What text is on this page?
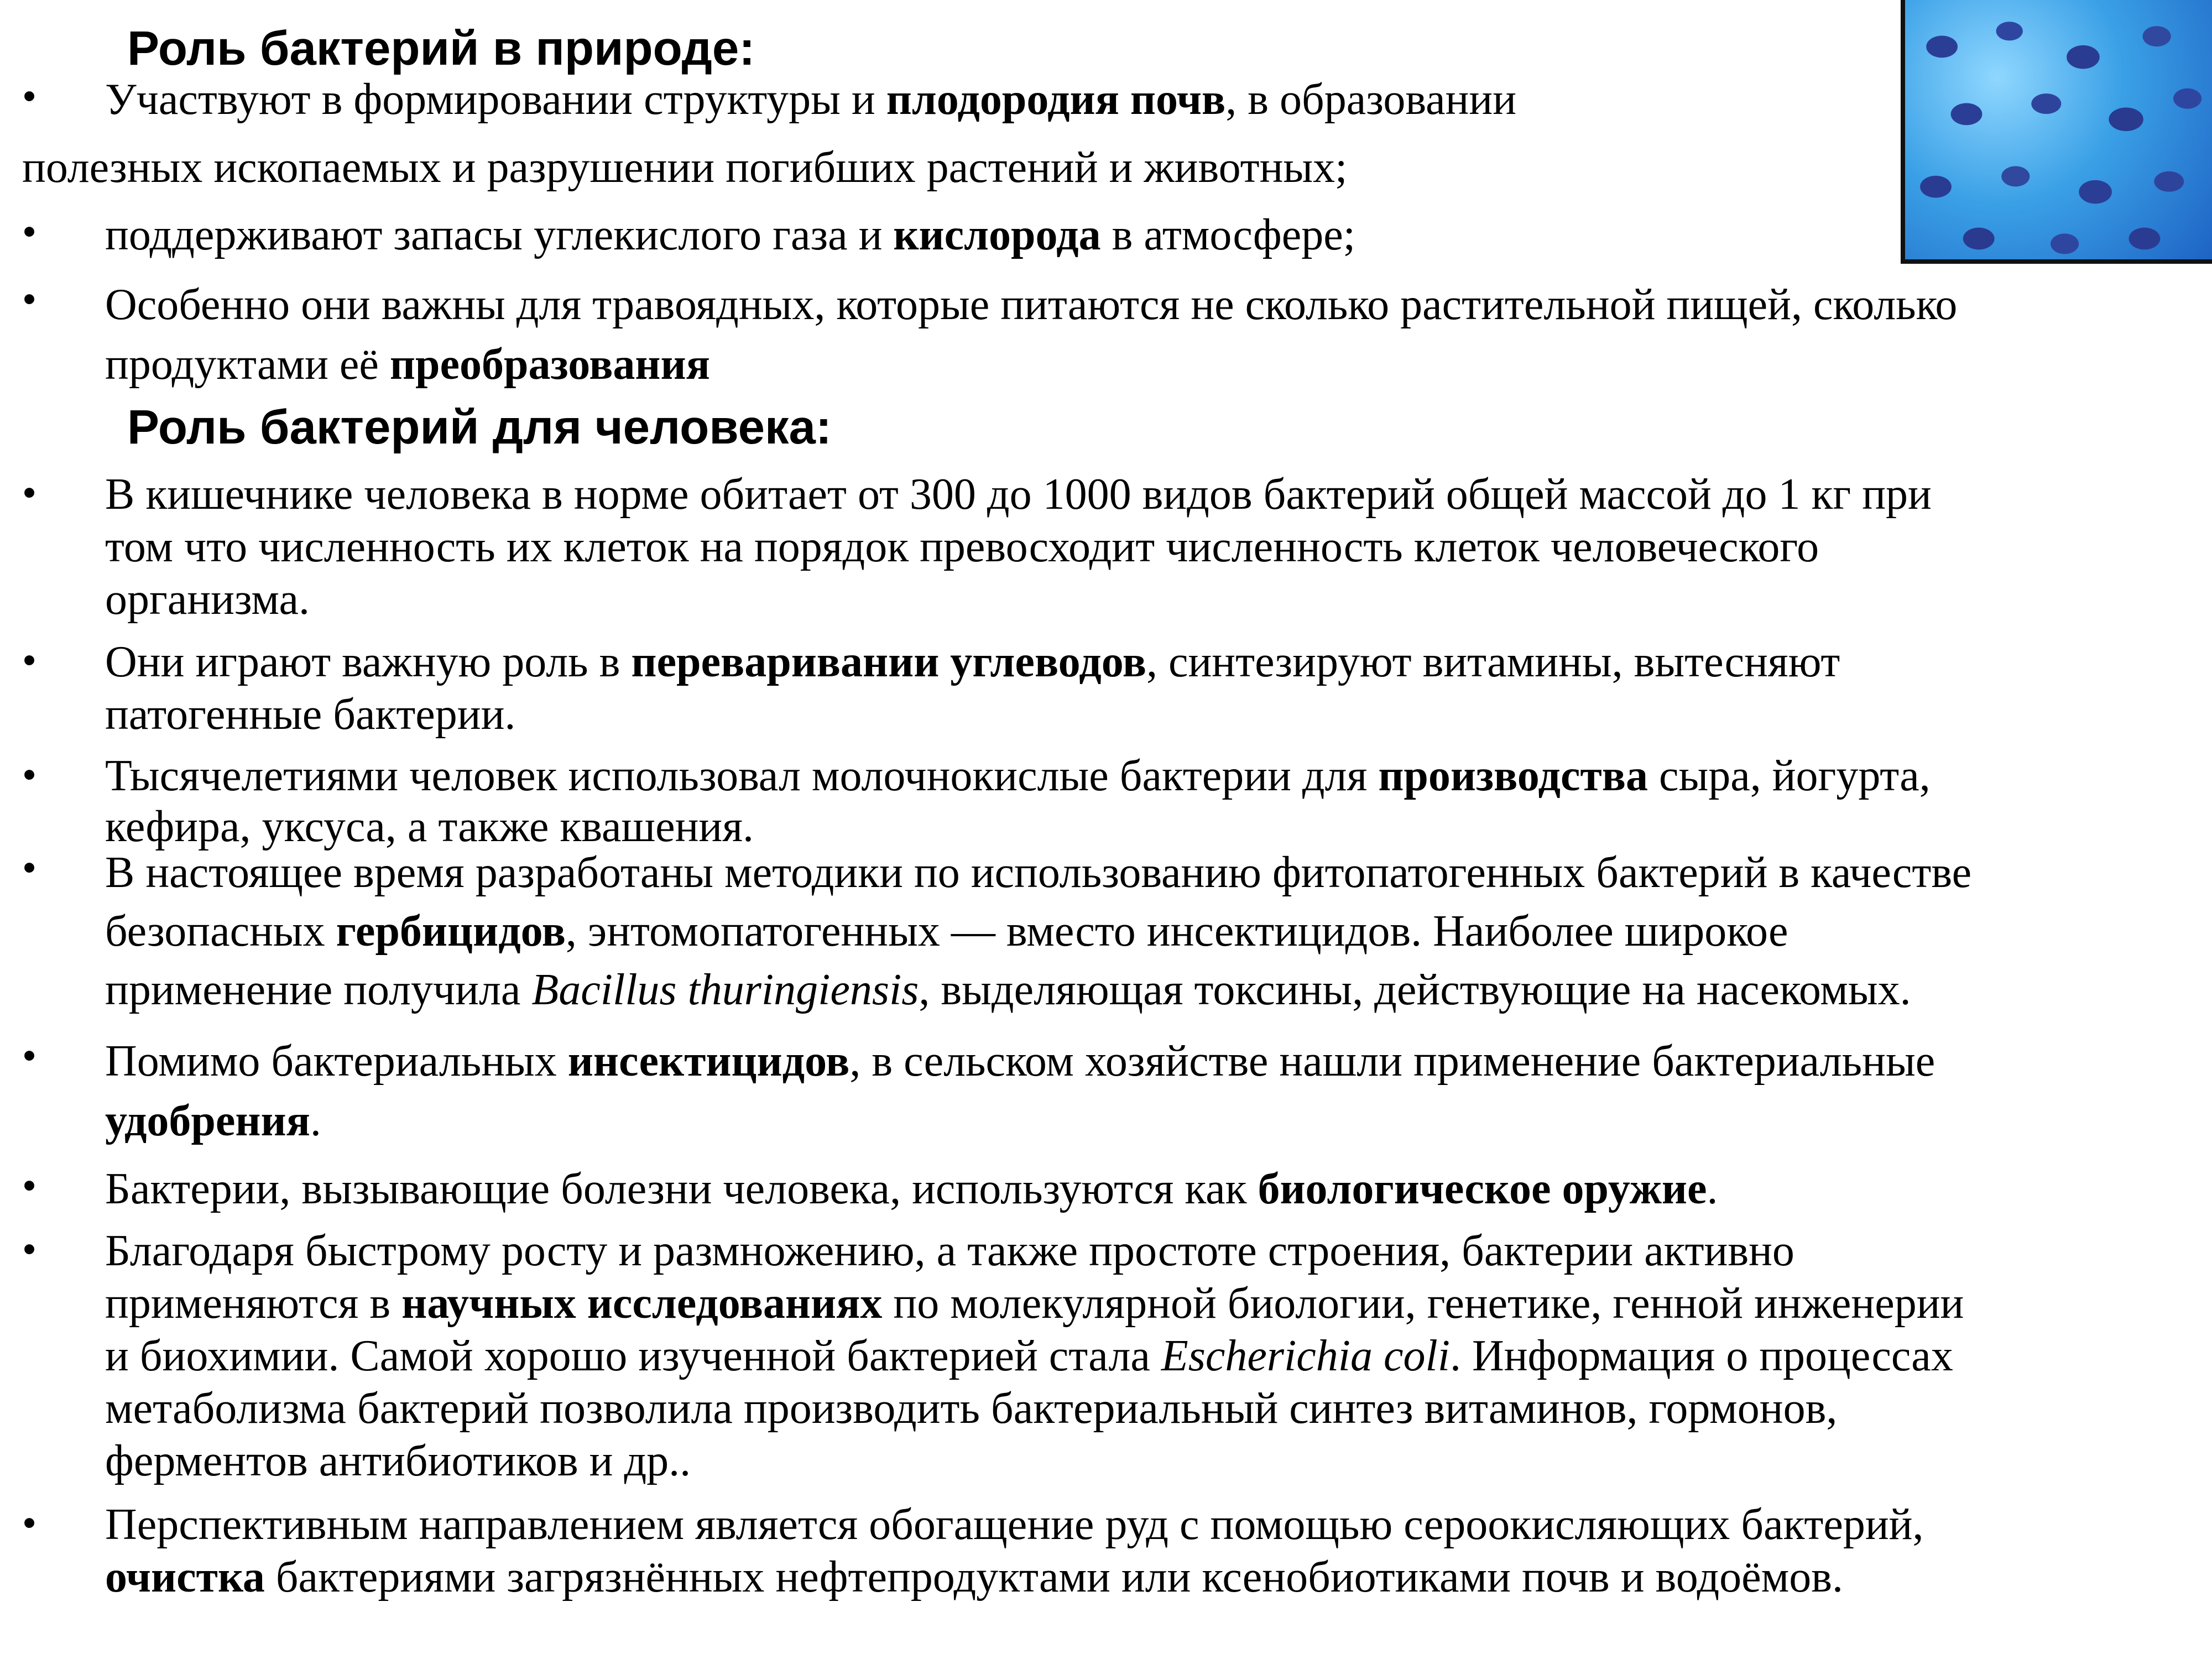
Роль бактерий в природе:
• Участвуют в формировании структуры и плодородия почв, в образовании

полезных ископаемых и разрушении погибших растений и животных;

• поддерживают запасы углекислого газа и кислорода в атмосфере;

• Особенно они важны для травоядных, которые питаются не сколько растительной пищей, сколько
продуктами её преобразования

Роль бактерий для человека:
• В кишечнике человека в норме обитает от 300 до 1000 видов бактерий общей массой до 1 кг при
том что численность их клеток на порядок превосходит численность клеток человеческого
организма.

• Они играют важную роль в переваривании углеводов, синтезируют витамины, вытесняют
патогенные бактерии.

• Тысячелетиями человек использовал молочнокислые бактерии для производства сыра, йогурта,
кефира, уксуса, а также квашения.

• В настоящее время разработаны методики по использованию фитопатогенных бактерий в качестве
безопасных гербицидов, энтомопатогенных — вместо инсектицидов. Наиболее широкое
применение получила Bacillus thuringiensis, выделяющая токсины, действующие на насекомых.

• Помимо бактериальных инсектицидов, в сельском хозяйстве нашли применение бактериальные
удобрения.

• Бактерии, вызывающие болезни человека, используются как биологическое оружие.

• Благодаря быстрому росту и размножению, а также простоте строения, бактерии активно
применяются в научных исследованиях по молекулярной биологии, генетике, генной инженерии
и биохимии. Самой хорошо изученной бактерией стала Escherichia coli. Информация о процессах
метаболизма бактерий позволила производить бактериальный синтез витаминов, гормонов,
ферментов антибиотиков и др..

• Перспективным направлением является обогащение руд с помощью сероокисляющих бактерий,
очистка бактериями загрязнённых нефтепродуктами или ксенобиотиками почв и водоёмов.
